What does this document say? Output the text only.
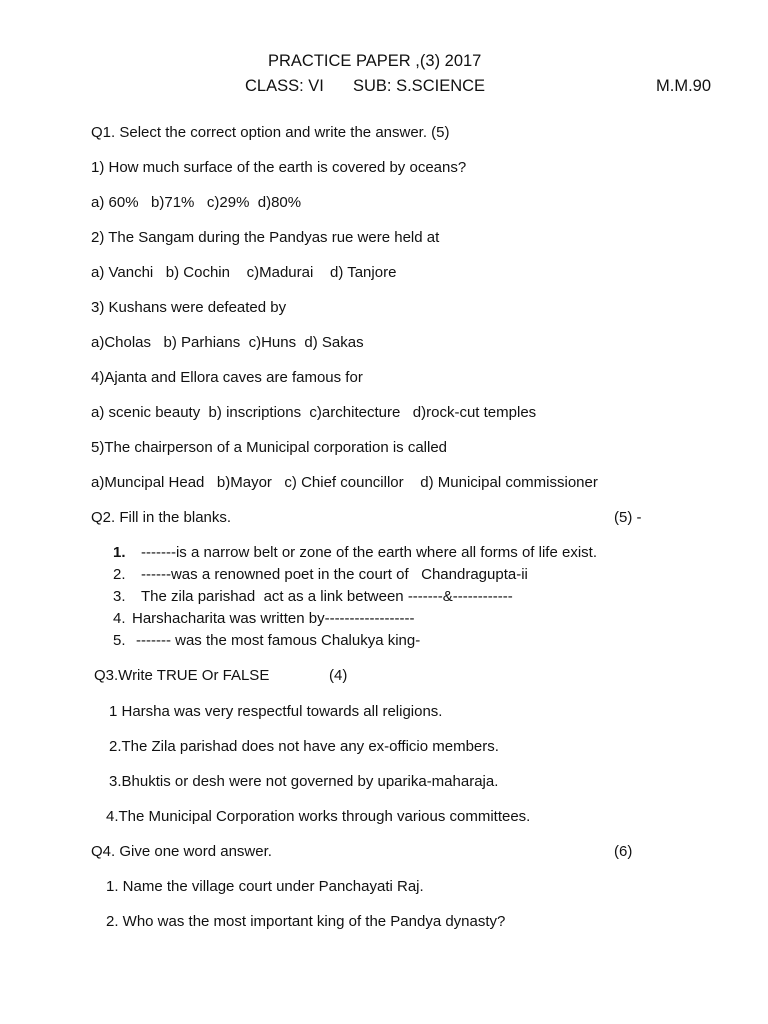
PRACTICE PAPER ,(3) 2017
CLASS: VI SUB: S.SCIENCE	M.M.90
Q1. Select the correct option and write the answer. (5)
1) How much surface of the earth is covered by oceans?
a) 60%   b)71%   c)29%  d)80%
2) The Sangam during the Pandyas rue were held at
a) Vanchi   b) Cochin    c)Madurai    d) Tanjore
3) Kushans were defeated by
a)Cholas   b) Parhians  c)Huns  d) Sakas
4)Ajanta and Ellora caves are famous for
a) scenic beauty  b) inscriptions  c)architecture   d)rock-cut temples
5)The chairperson of a Municipal corporation is called
a)Muncipal Head   b)Mayor   c) Chief councillor    d) Municipal commissioner
Q2. Fill in the blanks.	(5) -
1. -------is a narrow belt or zone of the earth where all forms of life exist.
2. ------was a renowned poet in the court of   Chandragupta-ii
3. The zila parishad  act as a link between -------&------------
4. Harshacharita was written by------------------
5. ------- was the most famous Chalukya king-
Q3.Write TRUE Or FALSE	(4)
1 Harsha was very respectful towards all religions.
2.The Zila parishad does not have any ex-officio members.
3.Bhuktis or desh were not governed by uparika-maharaja.
4.The Municipal Corporation works through various committees.
Q4. Give one word answer.	(6)
1. Name the village court under Panchayati Raj.
2. Who was the most important king of the Pandya dynasty?
